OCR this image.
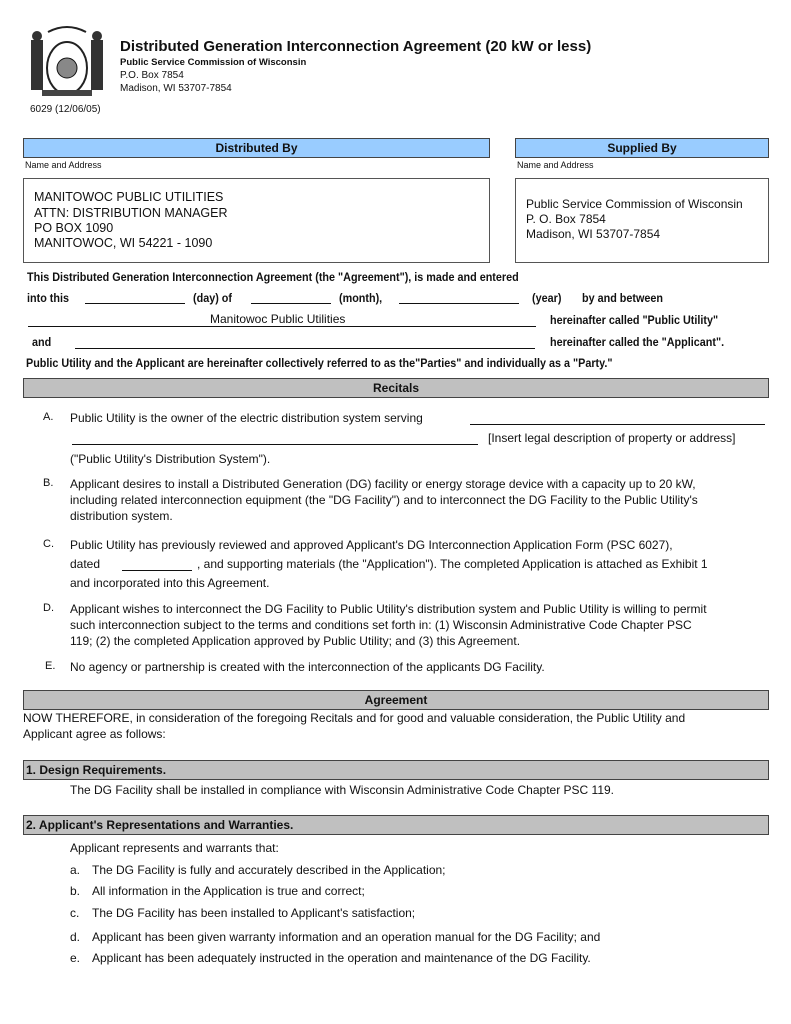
6029 (12/06/05)
Distributed Generation Interconnection Agreement (20 kW or less)
Public Service Commission of Wisconsin
P.O. Box 7854
Madison, WI 53707-7854
Distributed By
Name and Address
MANITOWOC PUBLIC UTILITIES
ATTN: DISTRIBUTION MANAGER
PO BOX 1090
MANITOWOC, WI 54221 - 1090
Supplied By
Name and Address
Public Service Commission of Wisconsin
P. O. Box 7854
Madison, WI 53707-7854
This Distributed Generation Interconnection Agreement (the "Agreement"), is made and entered
into this	(day) of	(month),	(year) by and between
Manitowoc Public Utilities	hereinafter called "Public Utility"
and	hereinafter called the "Applicant".
Public Utility and the Applicant are hereinafter collectively referred to as the"Parties" and individually as a "Party."
Recitals
A. Public Utility is the owner of the electric distribution system serving
[Insert legal description of property or address]
("Public Utility's Distribution System").
B. Applicant desires to install a Distributed Generation (DG) facility or energy storage device with a capacity up to 20 kW,
including related interconnection equipment (the "DG Facility") and to interconnect the DG Facility to the Public Utility's
distribution system.
C. Public Utility has previously reviewed and approved Applicant's DG Interconnection Application Form (PSC 6027),
dated	, and supporting materials (the "Application"). The completed Application is attached as Exhibit 1
and incorporated into this Agreement.
D. Applicant wishes to interconnect the DG Facility to Public Utility's distribution system and Public Utility is willing to permit
such interconnection subject to the terms and conditions set forth in: (1) Wisconsin Administrative Code Chapter PSC
119; (2) the completed Application approved by Public Utility; and (3) this Agreement.
E. No agency or partnership is created with the interconnection of the applicants DG Facility.
Agreement
NOW THEREFORE, in consideration of the foregoing Recitals and for good and valuable consideration, the Public Utility and
Applicant agree as follows:
1. Design Requirements.
The DG Facility shall be installed in compliance with Wisconsin Administrative Code Chapter PSC 119.
2. Applicant's Representations and Warranties.
Applicant represents and warrants that:
a. The DG Facility is fully and accurately described in the Application;
b. All information in the Application is true and correct;
c. The DG Facility has been installed to Applicant's satisfaction;
d. Applicant has been given warranty information and an operation manual for the DG Facility; and
e. Applicant has been adequately instructed in the operation and maintenance of the DG Facility.
